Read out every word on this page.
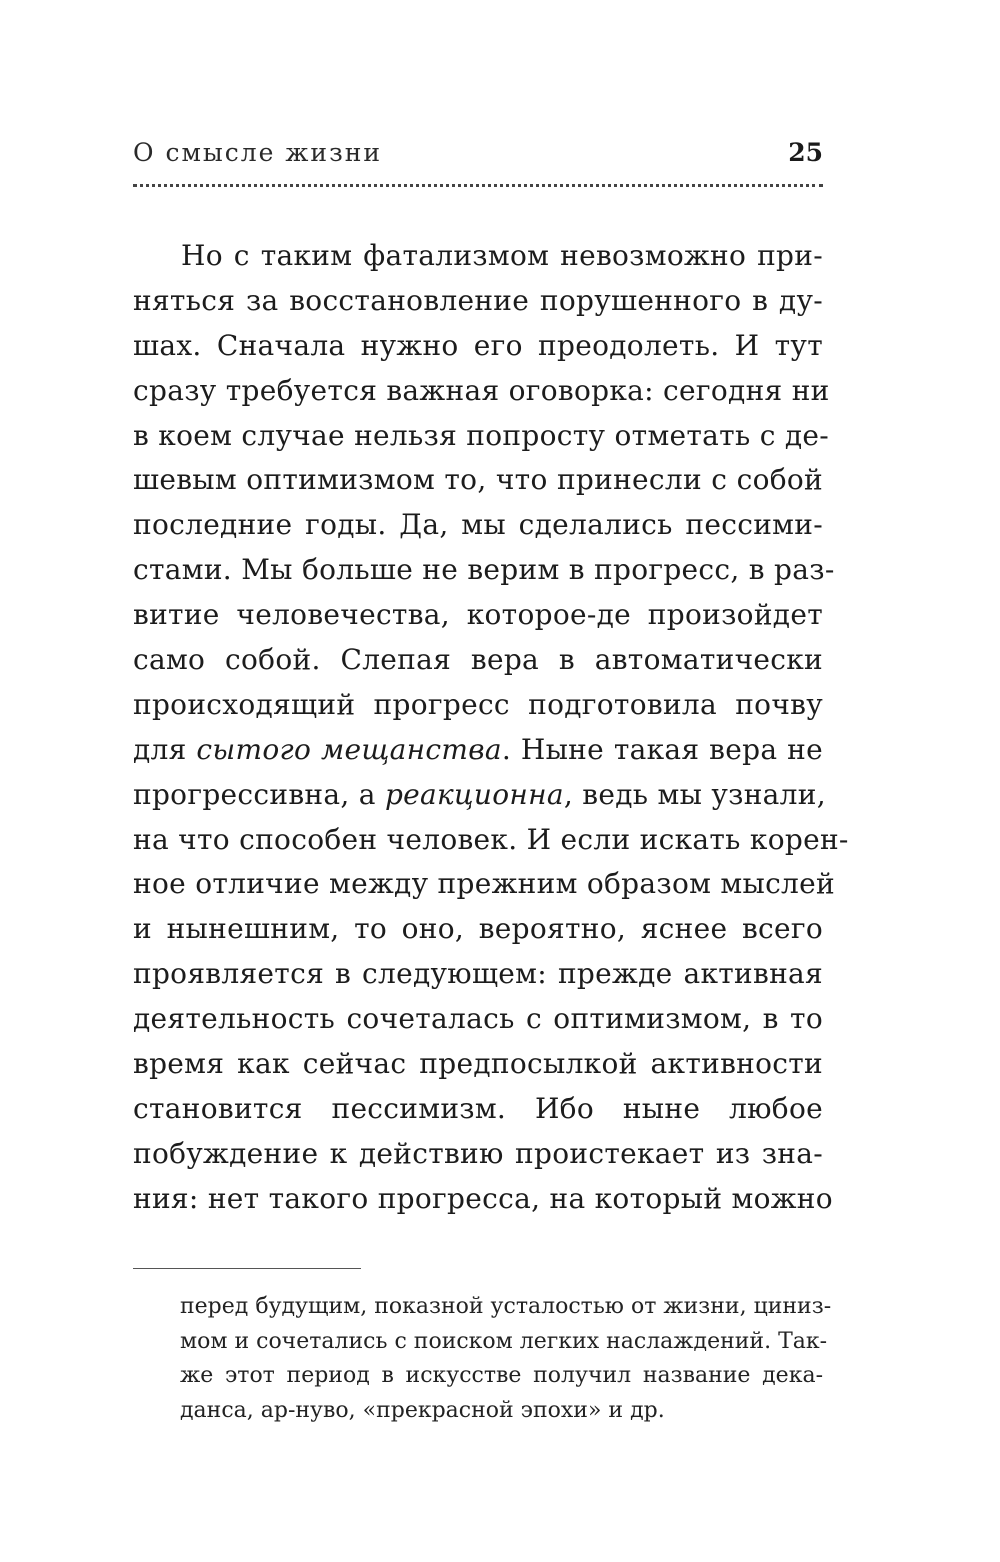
О смысле жизни	25
Но с таким фатализмом невозможно при-
няться за восстановление порушенного в ду-
шах. Сначала нужно его преодолеть. И тут
сразу требуется важная оговорка: сегодня ни
в коем случае нельзя попросту отметать с де-
шевым оптимизмом то, что принесли с собой
последние годы. Да, мы сделались пессими-
стами. Мы больше не верим в прогресс, в раз-
витие человечества, которое-де произойдет
само собой. Слепая вера в автоматически
происходящий прогресс подготовила почву
для сытого мещанства. Ныне такая вера не
прогрессивна, а реакционна, ведь мы узнали,
на что способен человек. И если искать корен-
ное отличие между прежним образом мыслей
и нынешним, то оно, вероятно, яснее всего
проявляется в следующем: прежде активная
деятельность сочеталась с оптимизмом, в то
время как сейчас предпосылкой активности
становится пессимизм. Ибо ныне любое
побуждение к действию проистекает из зна-
ния: нет такого прогресса, на который можно
перед будущим, показной усталостью от жизни, циниз-
мом и сочетались с поиском легких наслаждений. Так-
же этот период в искусстве получил название дека-
данса, ар-нуво, «прекрасной эпохи» и др.
